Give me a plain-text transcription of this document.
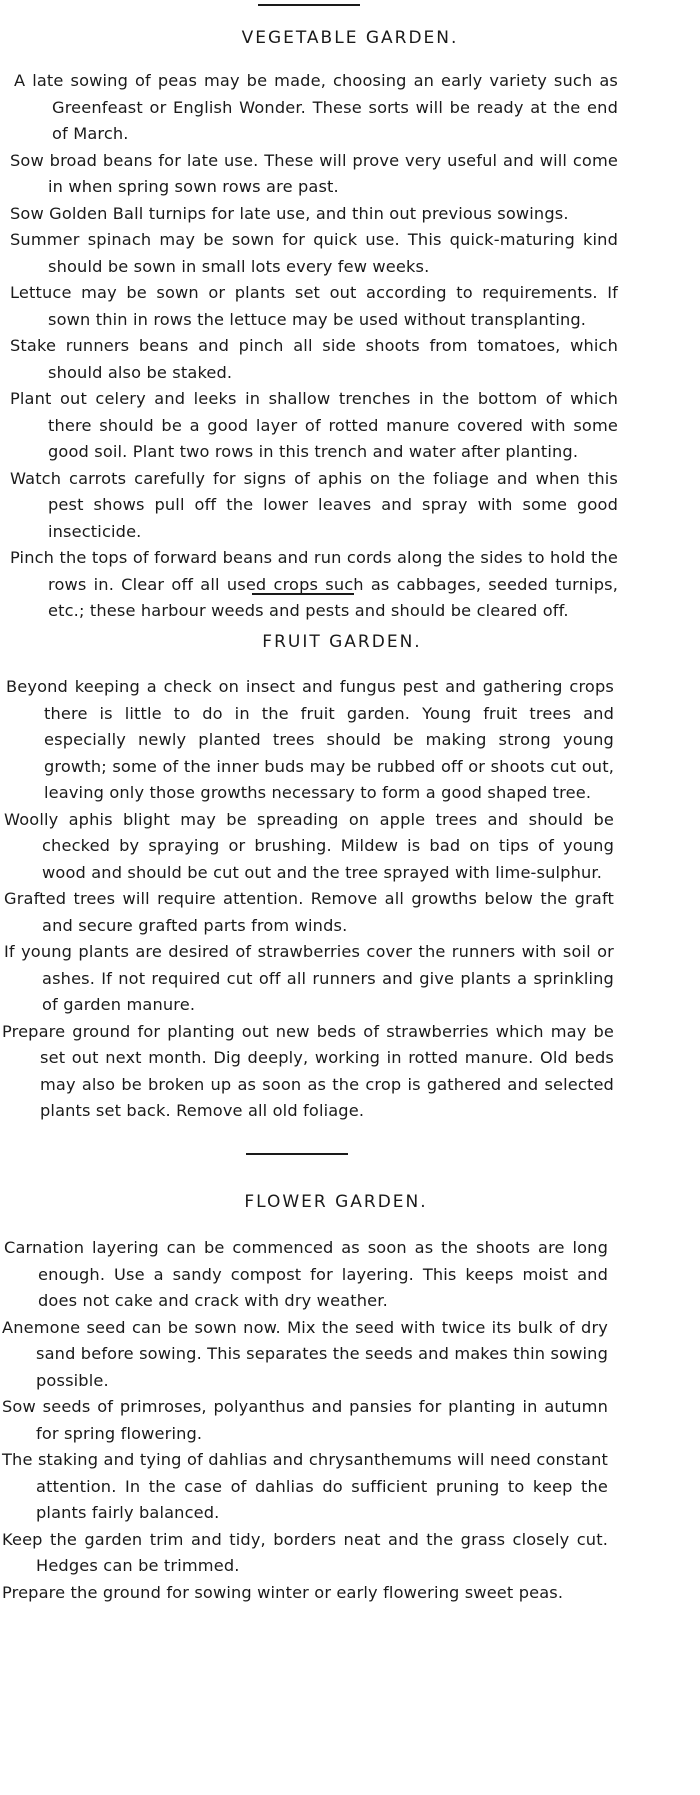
VEGETABLE GARDEN.

A late sowing of peas may be made, choosing an early variety such as Greenfeast or English Wonder. These sorts will be ready at the end of March.

Sow broad beans for late use. These will prove very useful and will come in when spring sown rows are past.

Sow Golden Ball turnips for late use, and thin out previous sowings.

Summer spinach may be sown for quick use. This quick-maturing kind should be sown in small lots every few weeks.

Lettuce may be sown or plants set out according to requirements. If sown thin in rows the lettuce may be used without transplanting.

Stake runners beans and pinch all side shoots from tomatoes, which should also be staked.

Plant out celery and leeks in shallow trenches in the bottom of which there should be a good layer of rotted manure covered with some good soil. Plant two rows in this trench and water after planting.

Watch carrots carefully for signs of aphis on the foliage and when this pest shows pull off the lower leaves and spray with some good insecticide.

Pinch the tops of forward beans and run cords along the sides to hold the rows in. Clear off all used crops such as cabbages, seeded turnips, etc.; these harbour weeds and pests and should be cleared off.

FRUIT GARDEN.

Beyond keeping a check on insect and fungus pest and gathering crops there is little to do in the fruit garden. Young fruit trees and especially newly planted trees should be making strong young growth; some of the inner buds may be rubbed off or shoots cut out, leaving only those growths necessary to form a good shaped tree.

Woolly aphis blight may be spreading on apple trees and should be checked by spraying or brushing. Mildew is bad on tips of young wood and should be cut out and the tree sprayed with lime-sulphur.

Grafted trees will require attention. Remove all growths below the graft and secure grafted parts from winds.

If young plants are desired of strawberries cover the runners with soil or ashes. If not required cut off all runners and give plants a sprinkling of garden manure.

Prepare ground for planting out new beds of strawberries which may be set out next month. Dig deeply, working in rotted manure. Old beds may also be broken up as soon as the crop is gathered and selected plants set back. Remove all old foliage.

FLOWER GARDEN.

Carnation layering can be commenced as soon as the shoots are long enough. Use a sandy compost for layering. This keeps moist and does not cake and crack with dry weather.

Anemone seed can be sown now. Mix the seed with twice its bulk of dry sand before sowing. This separates the seeds and makes thin sowing possible.

Sow seeds of primroses, polyanthus and pansies for planting in autumn for spring flowering.

The staking and tying of dahlias and chrysanthemums will need constant attention. In the case of dahlias do sufficient pruning to keep the plants fairly balanced.

Keep the garden trim and tidy, borders neat and the grass closely cut. Hedges can be trimmed.

Prepare the ground for sowing winter or early flowering sweet peas.
